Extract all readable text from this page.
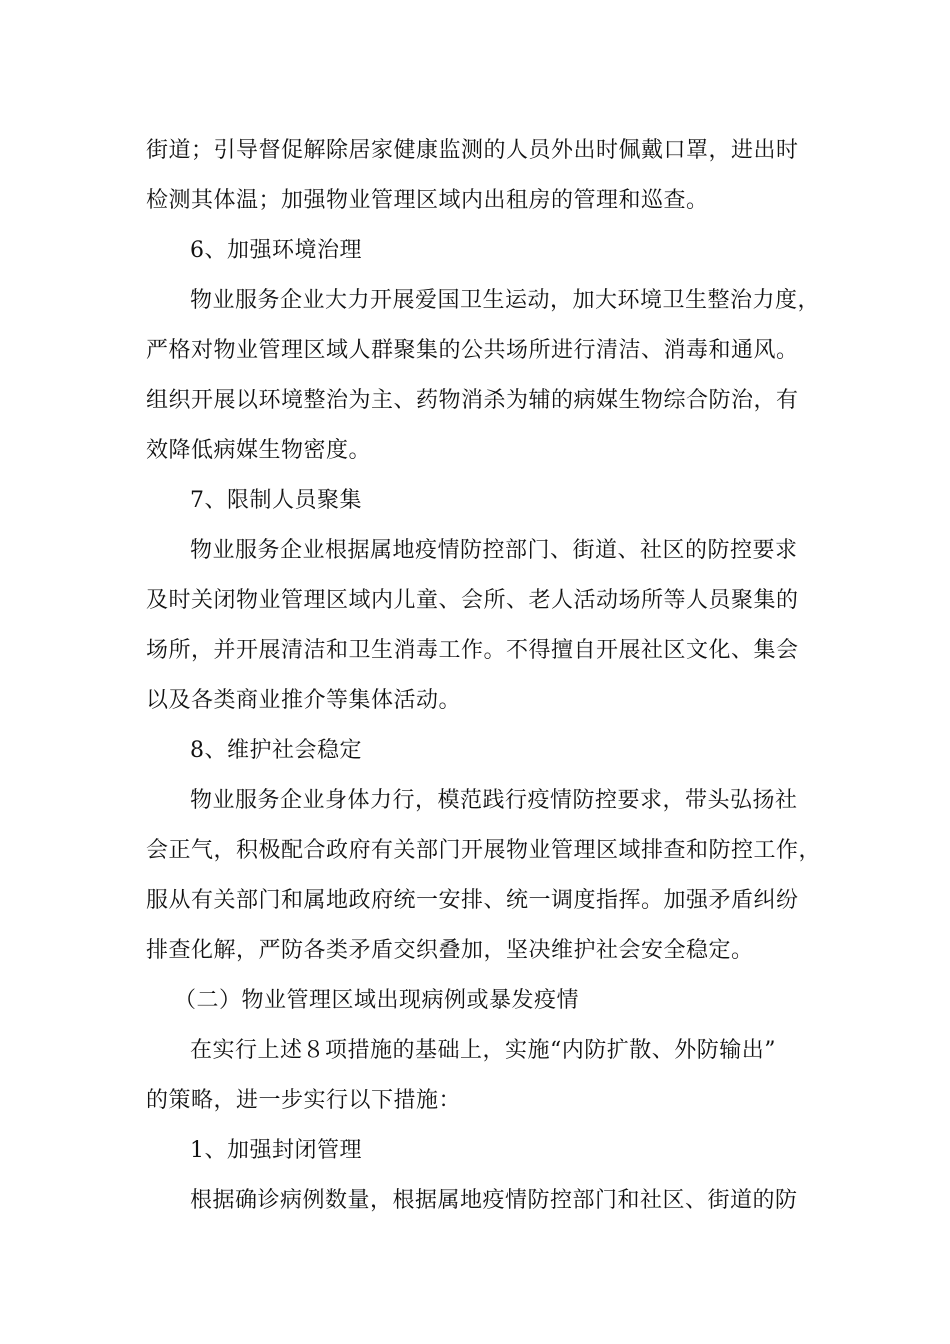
街道；引导督促解除居家健康监测的人员外出时佩戴口罩，进出时
检测其体温；加强物业管理区域内出租房的管理和巡查。
6、加强环境治理
物业服务企业大力开展爱国卫生运动，加大环境卫生整治力度，
严格对物业管理区域人群聚集的公共场所进行清洁、消毒和通风。
组织开展以环境整治为主、药物消杀为辅的病媒生物综合防治，有
效降低病媒生物密度。
7、限制人员聚集
物业服务企业根据属地疫情防控部门、街道、社区的防控要求
及时关闭物业管理区域内儿童、会所、老人活动场所等人员聚集的
场所，并开展清洁和卫生消毒工作。不得擅自开展社区文化、集会
以及各类商业推介等集体活动。
8、维护社会稳定
物业服务企业身体力行，模范践行疫情防控要求，带头弘扬社
会正气，积极配合政府有关部门开展物业管理区域排查和防控工作，
服从有关部门和属地政府统一安排、统一调度指挥。加强矛盾纠纷
排查化解，严防各类矛盾交织叠加，坚决维护社会安全稳定。
（二）物业管理区域出现病例或暴发疫情
在实行上述８项措施的基础上，实施“内防扩散、外防输出”
的策略，进一步实行以下措施：
1、加强封闭管理
根据确诊病例数量，根据属地疫情防控部门和社区、街道的防
